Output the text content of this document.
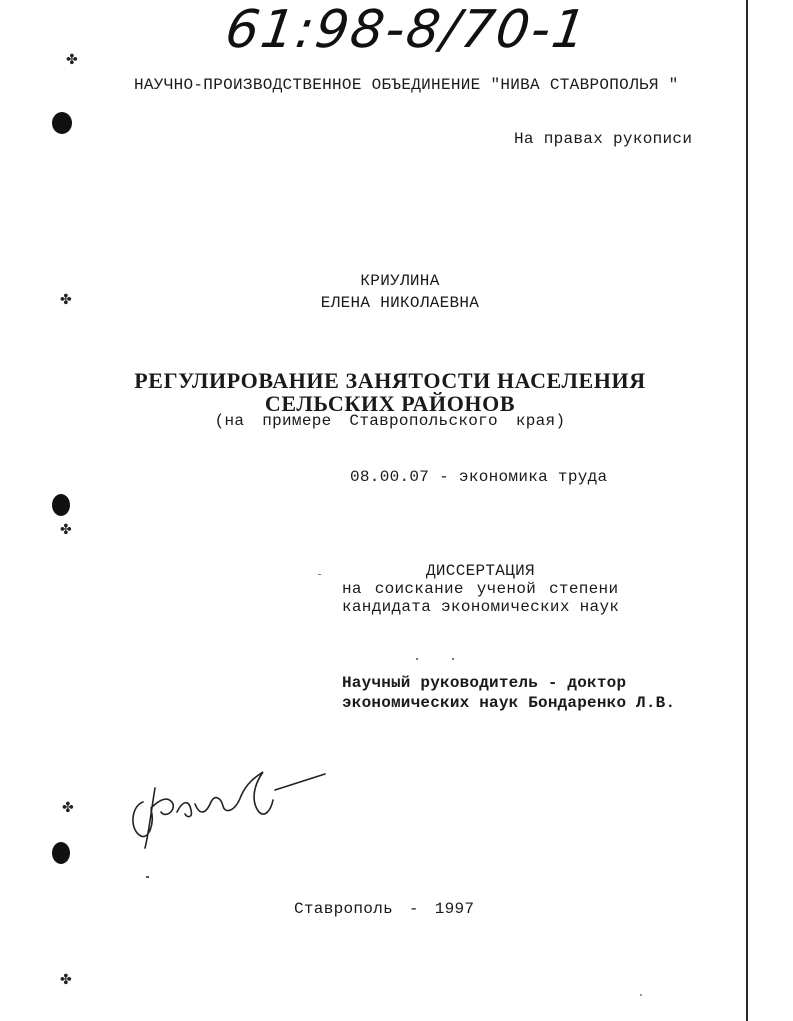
✤
✤
✤
✤
✤
61:98-8/70-1
НАУЧНО-ПРОИЗВОДСТВЕННОЕ ОБЪЕДИНЕНИЕ "НИВА СТАВРОПОЛЬЯ "
На правах рукописи
КРИУЛИНА
ЕЛЕНА НИКОЛАЕВНА
РЕГУЛИРОВАНИЕ ЗАНЯТОСТИ НАСЕЛЕНИЯ
СЕЛЬСКИХ РАЙОНОВ
(на примере Ставропольского края)
08.00.07 - экономика труда
ДИССЕРТАЦИЯ
на соискание ученой степени
кандидата экономических наук
Научный руководитель - доктор
экономических наук Бондаренко Л.В.
Ставрополь - 1997
